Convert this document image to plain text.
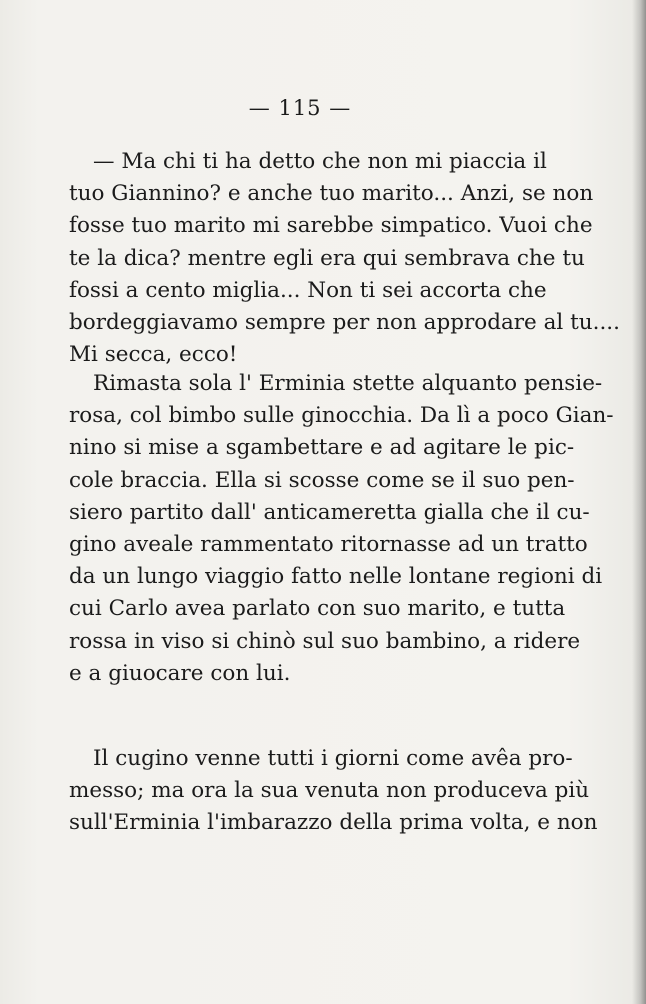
— 115 —
— Ma chi ti ha detto che non mi piaccia il
tuo Giannino? e anche tuo marito... Anzi, se non
fosse tuo marito mi sarebbe simpatico. Vuoi che
te la dica? mentre egli era qui sembrava che tu
fossi a cento miglia... Non ti sei accorta che
bordeggiavamo sempre per non approdare al tu....
Mi secca, ecco!
Rimasta sola l' Erminia stette alquanto pensie-
rosa, col bimbo sulle ginocchia. Da lì a poco Gian-
nino si mise a sgambettare e ad agitare le pic-
cole braccia. Ella si scosse come se il suo pen-
siero partito dall' anticameretta gialla che il cu-
gino aveale rammentato ritornasse ad un tratto
da un lungo viaggio fatto nelle lontane regioni di
cui Carlo avea parlato con suo marito, e tutta
rossa in viso si chinò sul suo bambino, a ridere
e a giuocare con lui.
Il cugino venne tutti i giorni come avêa pro-
messo; ma ora la sua venuta non produceva più
sull'Erminia l'imbarazzo della prima volta, e non
